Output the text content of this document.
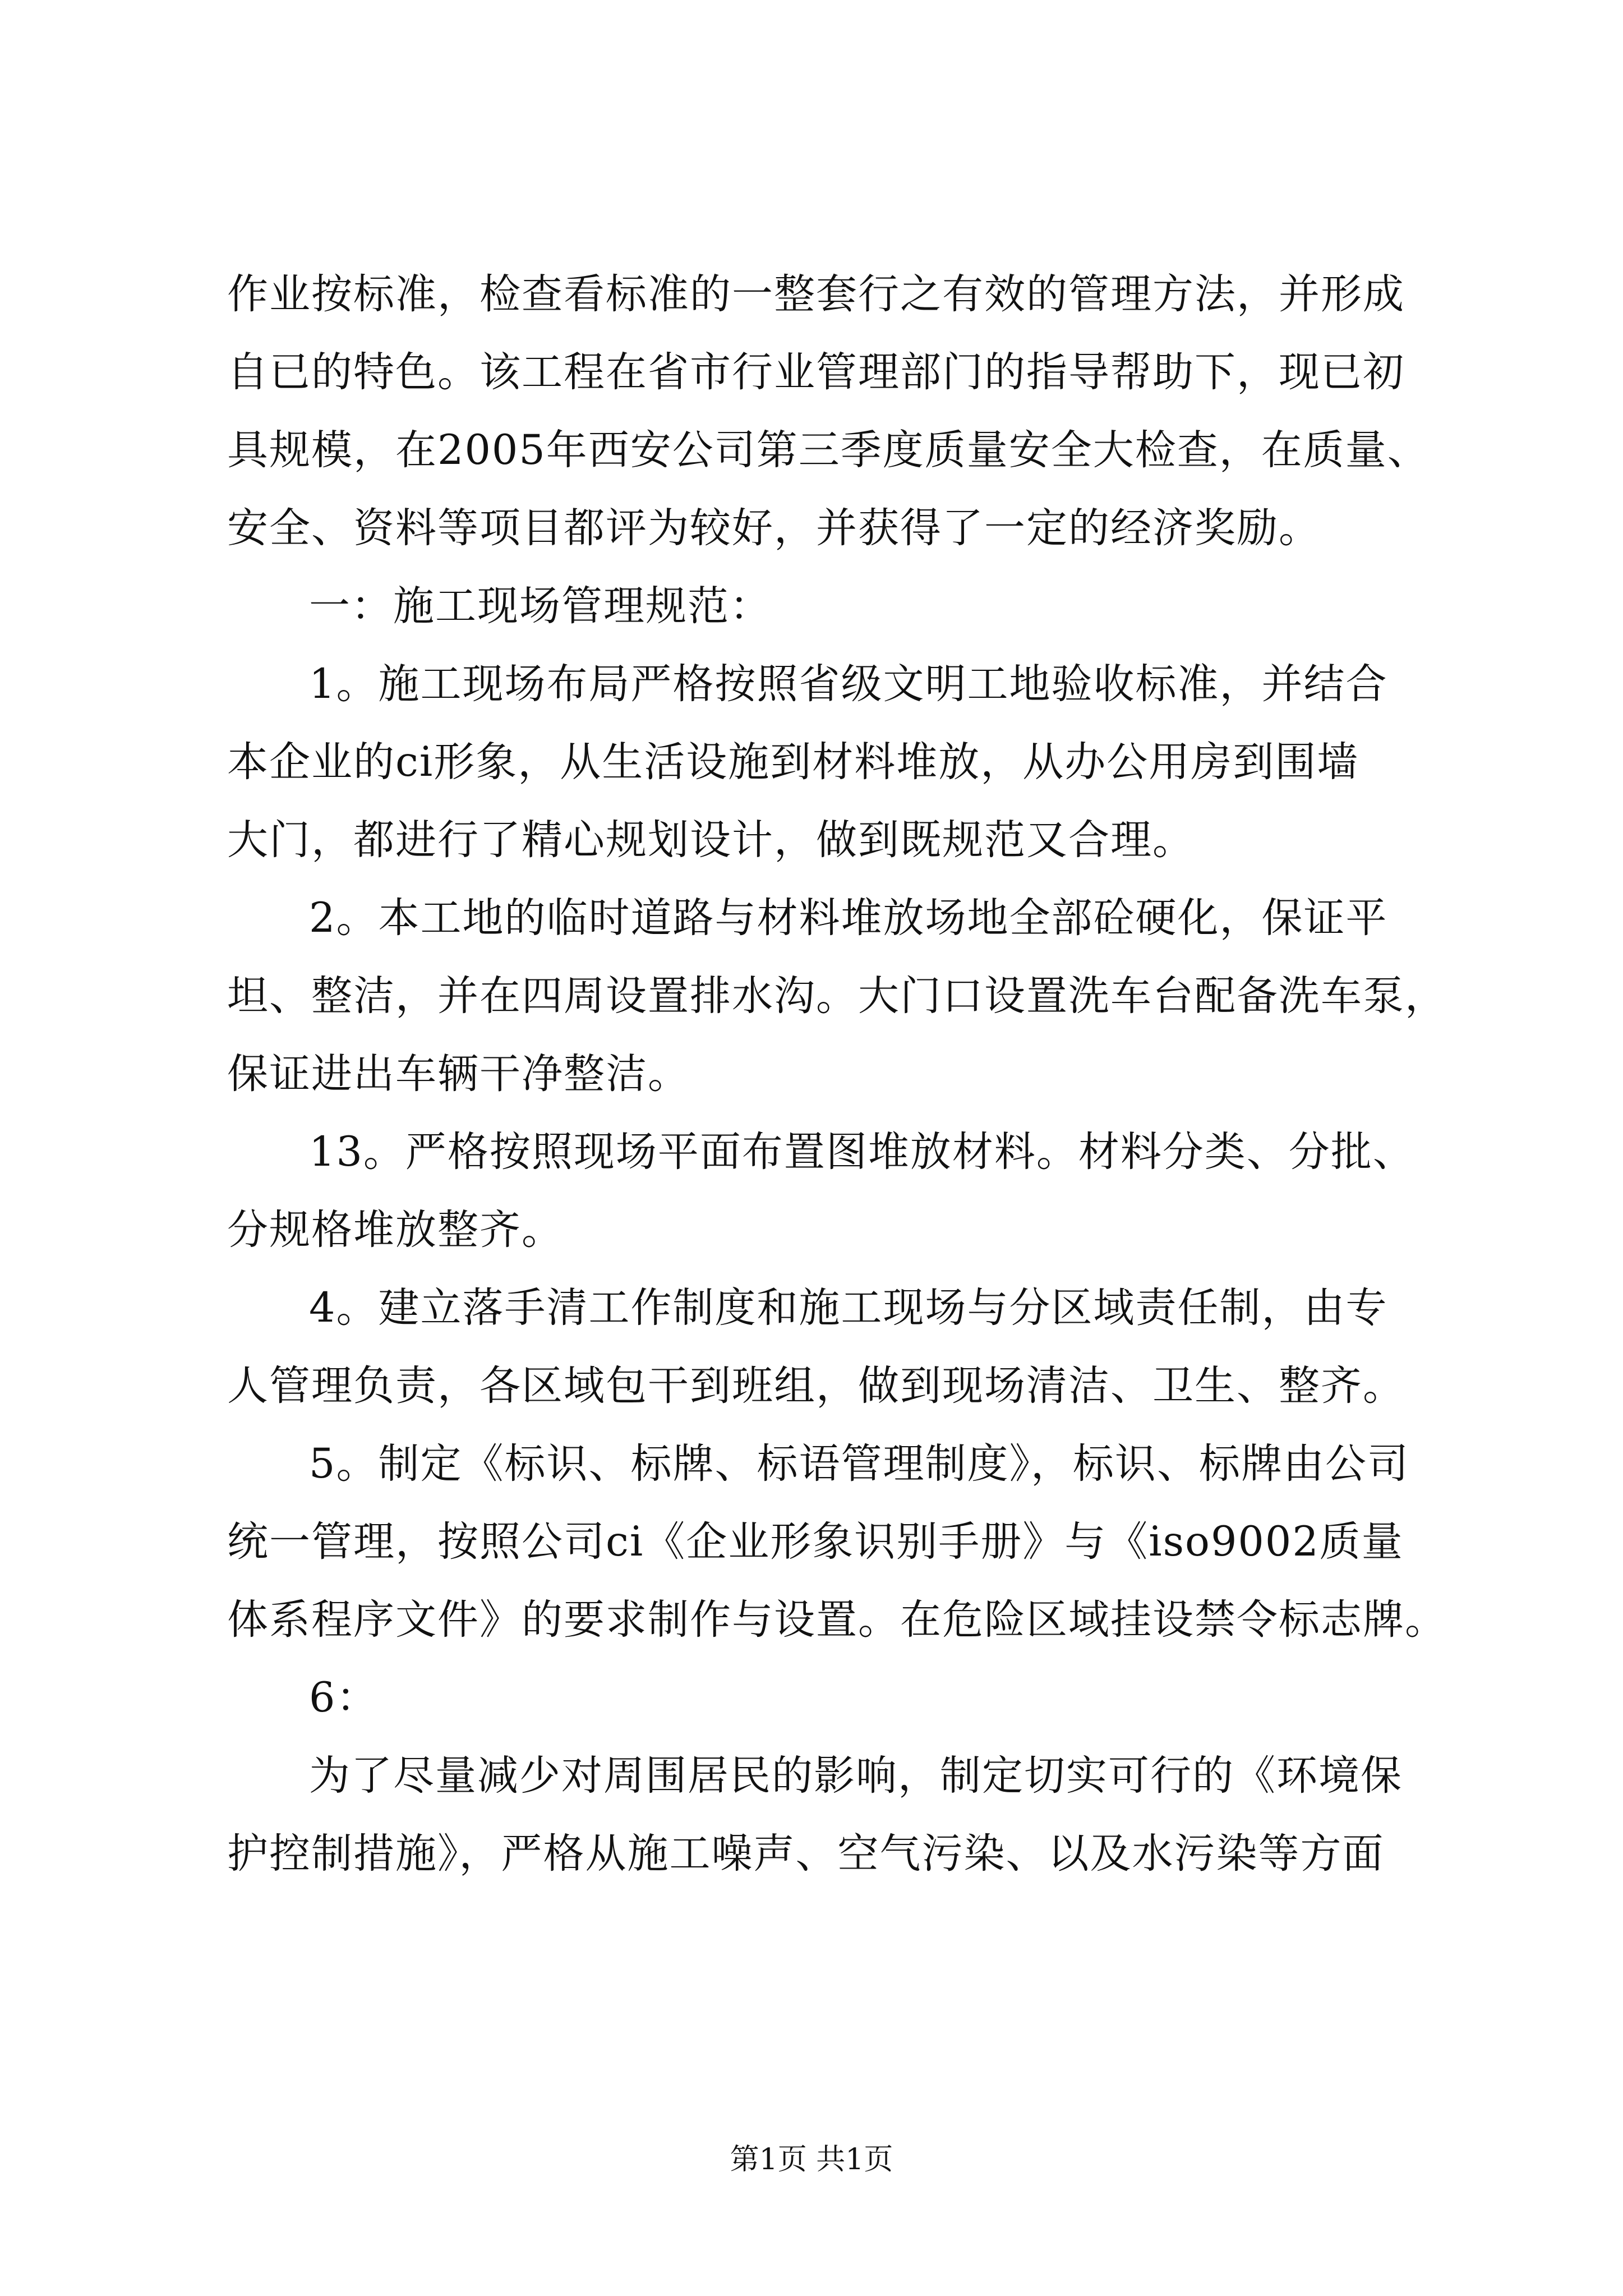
作业按标准，检查看标准的一整套行之有效的管理方法，并形成
自已的特色。该工程在省市行业管理部门的指导帮助下，现已初
具规模，在2005年西安公司第三季度质量安全大检查，在质量、
安全、资料等项目都评为较好，并获得了一定的经济奖励。
一：施工现场管理规范：
1。施工现场布局严格按照省级文明工地验收标准，并结合
本企业的ci形象，从生活设施到材料堆放，从办公用房到围墙
大门，都进行了精心规划设计，做到既规范又合理。
2。本工地的临时道路与材料堆放场地全部砼硬化，保证平
坦、整洁，并在四周设置排水沟。大门口设置洗车台配备洗车泵，
保证进出车辆干净整洁。
13。严格按照现场平面布置图堆放材料。材料分类、分批、
分规格堆放整齐。
4。建立落手清工作制度和施工现场与分区域责任制，由专
人管理负责，各区域包干到班组，做到现场清洁、卫生、整齐。
5。制定《标识、标牌、标语管理制度》，标识、标牌由公司
统一管理，按照公司ci《企业形象识别手册》与《iso9002质量
体系程序文件》的要求制作与设置。在危险区域挂设禁令标志牌。
6：
为了尽量减少对周围居民的影响，制定切实可行的《环境保
护控制措施》，严格从施工噪声、空气污染、以及水污染等方面
第1页 共1页
